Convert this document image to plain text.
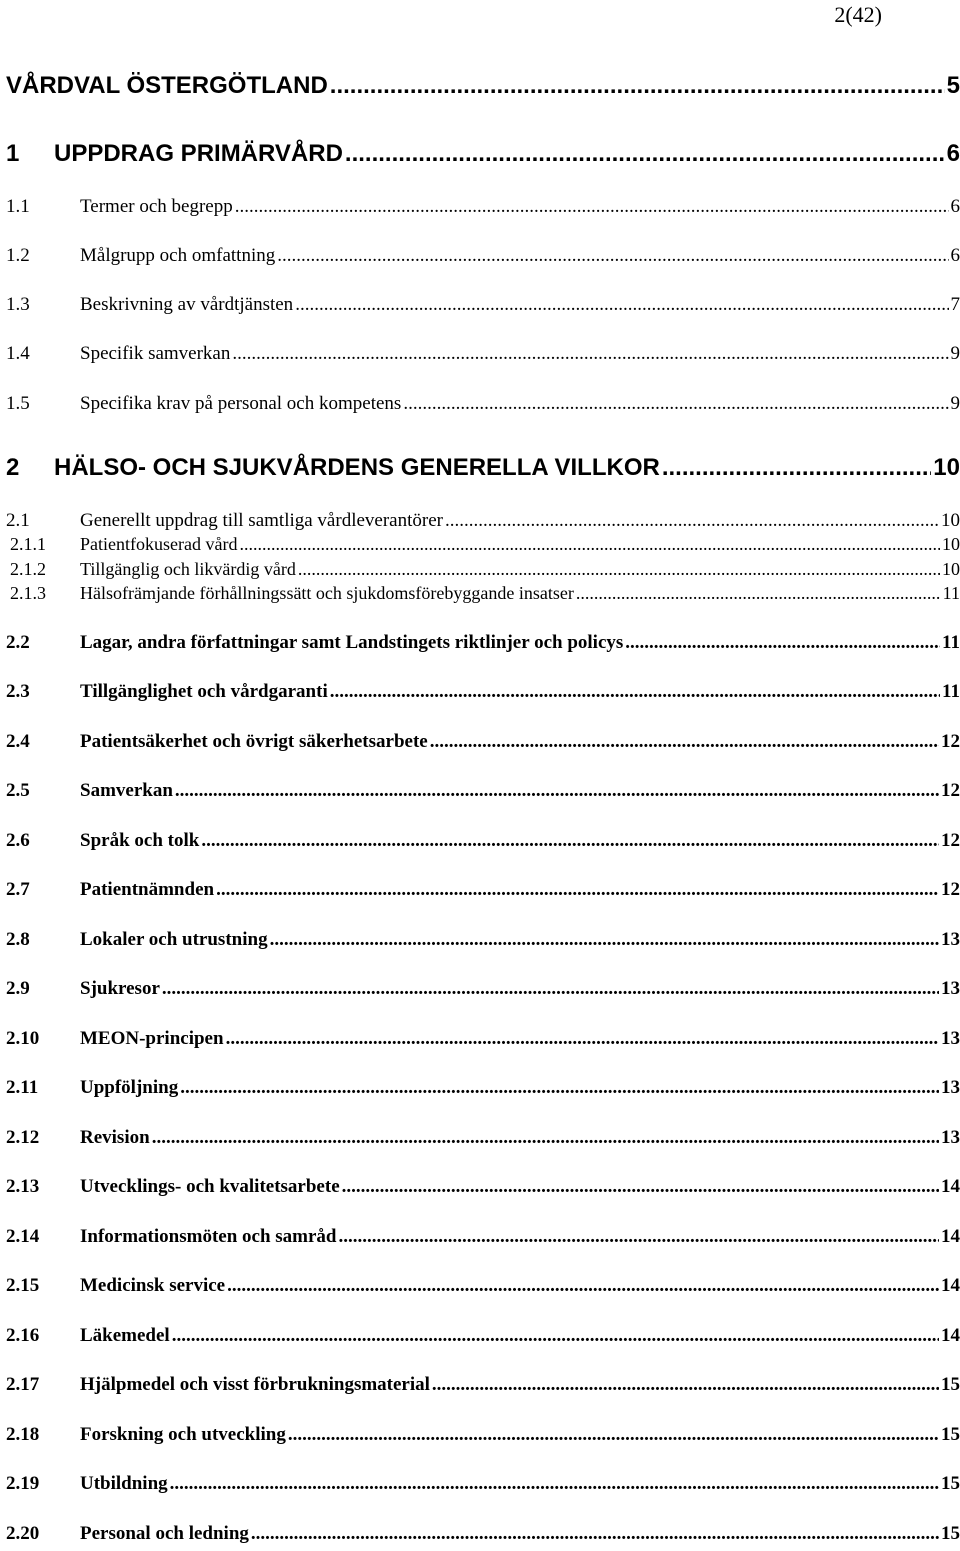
2(42)
VÅRDVAL ÖSTERGÖTLAND .....	5
1	UPPDRAG PRIMÄRVÅRD .....	6
1.1	Termer och begrepp .....	6
1.2	Målgrupp och omfattning .....	6
1.3	Beskrivning av vårdtjänsten .....	7
1.4	Specifik samverkan .....	9
1.5	Specifika krav på personal och kompetens .....	9
2	HÄLSO- OCH SJUKVÅRDENS GENERELLA VILLKOR .....	10
2.1	Generellt uppdrag till samtliga vårdleverantörer .....	10
2.1.1	Patientfokuserad vård .....	10
2.1.2	Tillgänglig och likvärdig vård .....	10
2.1.3	Hälsofrämjande förhållningssätt och sjukdomsförebyggande insatser .....	11
2.2	Lagar, andra författningar samt Landstingets riktlinjer och policys .....	11
2.3	Tillgänglighet och vårdgaranti .....	11
2.4	Patientsäkerhet och övrigt säkerhetsarbete .....	12
2.5	Samverkan .....	12
2.6	Språk och tolk .....	12
2.7	Patientnämnden .....	12
2.8	Lokaler och utrustning .....	13
2.9	Sjukresor .....	13
2.10	MEON-principen .....	13
2.11	Uppföljning .....	13
2.12	Revision .....	13
2.13	Utvecklings- och kvalitetsarbete .....	14
2.14	Informationsmöten och samråd .....	14
2.15	Medicinsk service .....	14
2.16	Läkemedel .....	14
2.17	Hjälpmedel och visst förbrukningsmaterial .....	15
2.18	Forskning och utveckling .....	15
2.19	Utbildning .....	15
2.20	Personal och ledning .....	15
